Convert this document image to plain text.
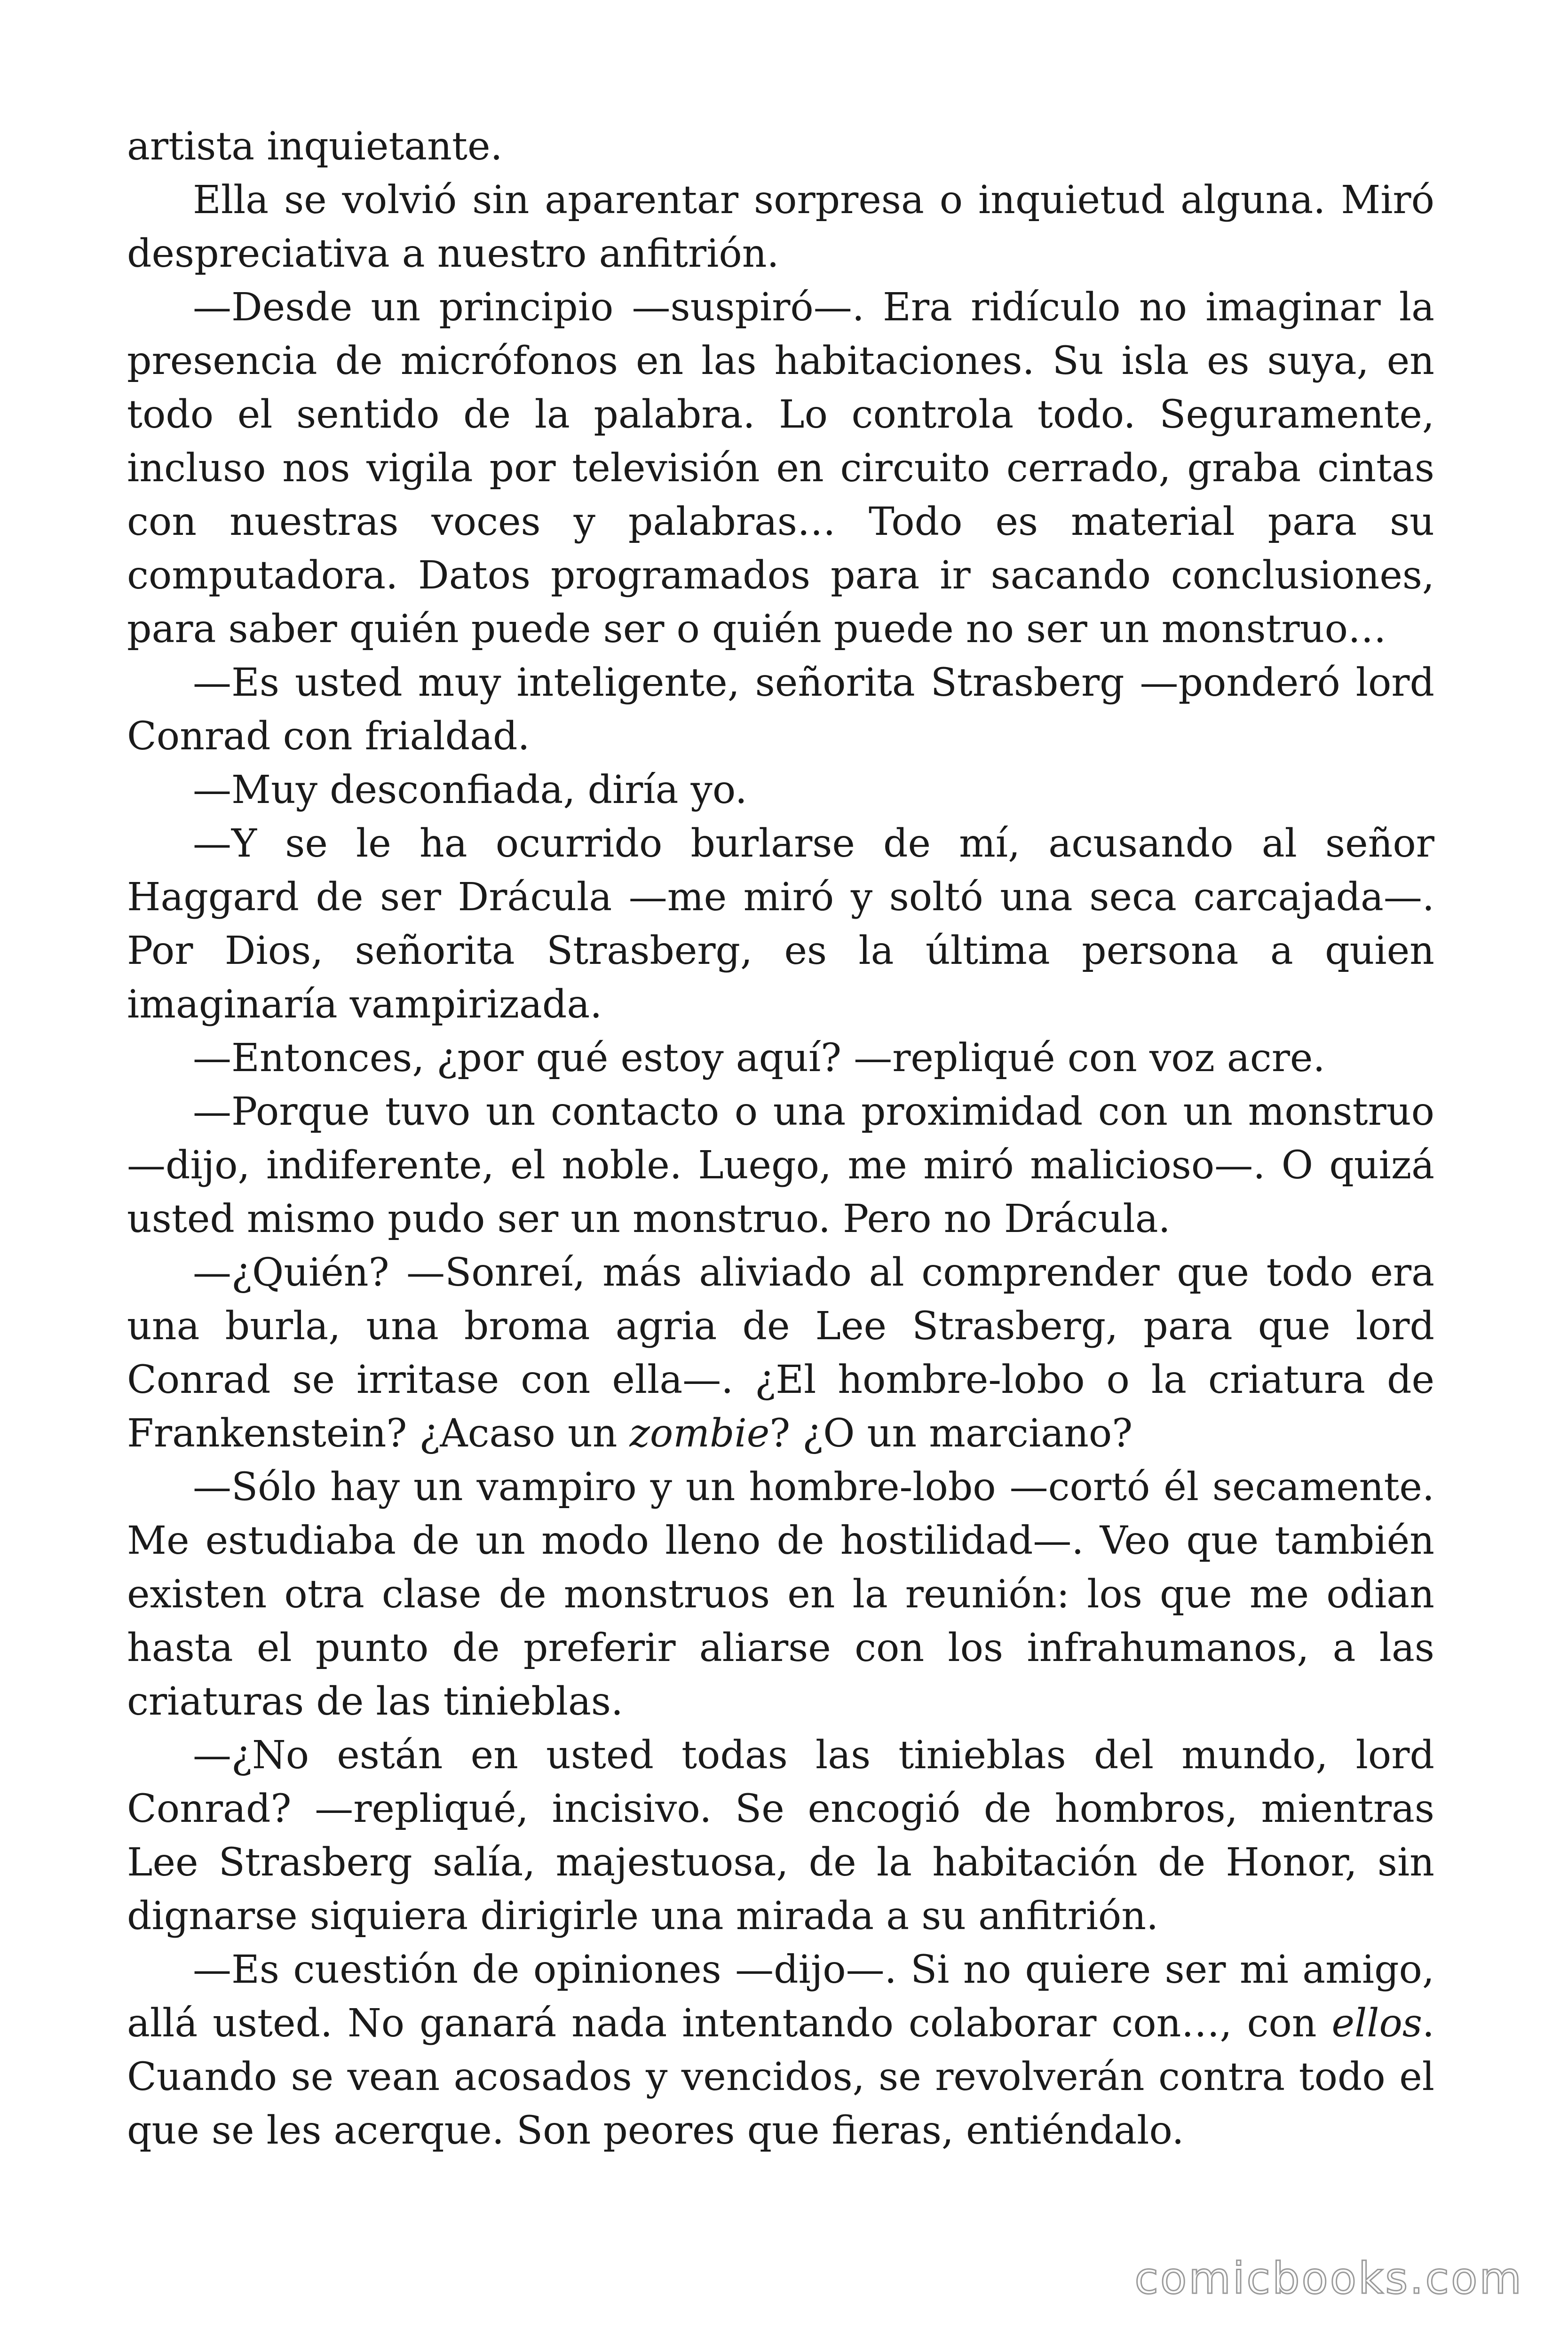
artista inquietante.

Ella se volvió sin aparentar sorpresa o inquietud alguna. Miró despreciativa a nuestro anfitrión.

—Desde un principio —suspiró—. Era ridículo no imaginar la presencia de micrófonos en las habitaciones. Su isla es suya, en todo el sentido de la palabra. Lo controla todo. Seguramente, incluso nos vigila por televisión en circuito cerrado, graba cintas con nuestras voces y palabras… Todo es material para su computadora. Datos programados para ir sacando conclusiones, para saber quién puede ser o quién puede no ser un monstruo…

—Es usted muy inteligente, señorita Strasberg —ponderó lord Conrad con frialdad.

—Muy desconfiada, diría yo.

—Y se le ha ocurrido burlarse de mí, acusando al señor Haggard de ser Drácula —me miró y soltó una seca carcajada—. Por Dios, señorita Strasberg, es la última persona a quien imaginaría vampirizada.

—Entonces, ¿por qué estoy aquí? —repliqué con voz acre.

—Porque tuvo un contacto o una proximidad con un monstruo —dijo, indiferente, el noble. Luego, me miró malicioso—. O quizá usted mismo pudo ser un monstruo. Pero no Drácula.

—¿Quién? —Sonreí, más aliviado al comprender que todo era una burla, una broma agria de Lee Strasberg, para que lord Conrad se irritase con ella—. ¿El hombre-lobo o la criatura de Frankenstein? ¿Acaso un zombie? ¿O un marciano?

—Sólo hay un vampiro y un hombre-lobo —cortó él secamente. Me estudiaba de un modo lleno de hostilidad—. Veo que también existen otra clase de monstruos en la reunión: los que me odian hasta el punto de preferir aliarse con los infrahumanos, a las criaturas de las tinieblas.

—¿No están en usted todas las tinieblas del mundo, lord Conrad? —repliqué, incisivo. Se encogió de hombros, mientras Lee Strasberg salía, majestuosa, de la habitación de Honor, sin dignarse siquiera dirigirle una mirada a su anfitrión.

—Es cuestión de opiniones —dijo—. Si no quiere ser mi amigo, allá usted. No ganará nada intentando colaborar con…, con ellos. Cuando se vean acosados y vencidos, se revolverán contra todo el que se les acerque. Son peores que fieras, entiéndalo.

comicbooks.com
